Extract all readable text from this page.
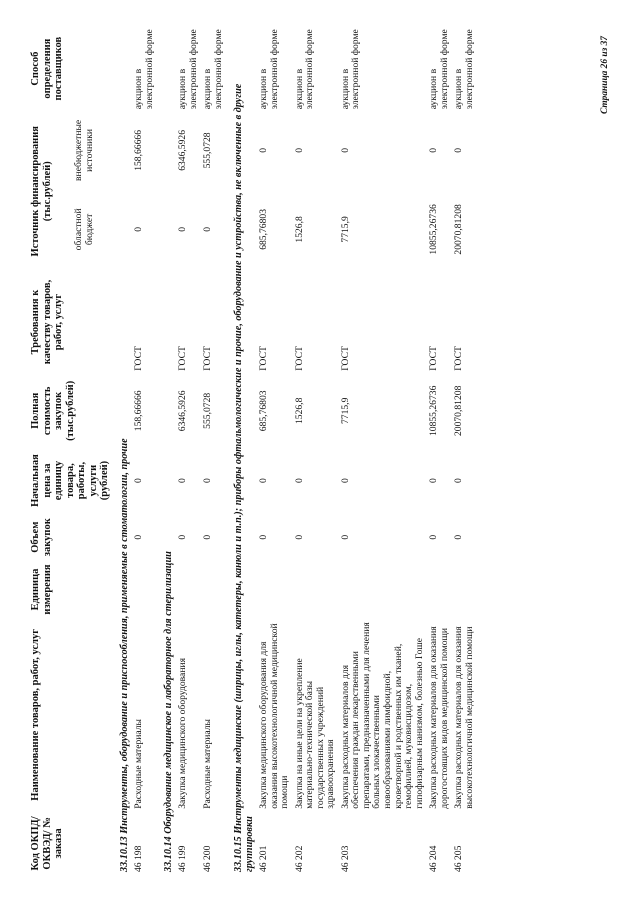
Код ОКПД/ ОКВЭД/ № заказа	Наименование товаров, работ, услуг	Единица измерения	Объем закупок	Начальная цена за единицу товара, работы, услуги (рублей)	Полная стоимость закупок (тыс.рублей)	Требования к качеству товаров, работ, услуг	Источник финансирования (тыс.рублей)		Способ определения поставщиков
							областной бюджет	внебюджетные источники	
33.10.13 Инструменты, оборудование и приспособления, применяемые в стоматологии, прочие									
46 198	Расходные материалы		0	0	158,66666	ГОСТ	0	158,66666	аукцион в электронной форме
33.10.14 Оборудование медицинское и лабораторное для стерилизации									
46 199	Закупка медицинского оборудования		0	0	6346,5926	ГОСТ	0	6346,5926	аукцион в электронной форме
46 200	Расходные материалы		0	0	555,0728	ГОСТ	0	555,0728	аукцион в электронной форме
33.10.15 Инструменты медицинские (шприцы, иглы, катетеры, канюли и т.п.); приборы офтальмологические и прочие, оборудование и устройства, не включенные в другие группировки									
46 201	Закупка медицинского оборудования для оказания высокотехнологичной медицинской помощи		0	0	685,76803	ГОСТ	685,76803	0	аукцион в электронной форме
46 202	Закупка на иные цели на укрепление материально-технической базы государственных учреждений здравоохранения		0	0	1526,8	ГОСТ	1526,8	0	аукцион в электронной форме
46 203	Закупка расходных материалов для обеспечения граждан лекарственными препаратами, предназначенными для лечения больных злокачественными новообразованиями лимфоидной, кроветворной и родственных им тканей, гемофилией, муковисцидозом, гипофизарным нанизмом, болезнью Гоше		0	0	7715,9	ГОСТ	7715,9	0	аукцион в электронной форме
46 204	Закупка расходных материалов для оказания дорогостоящих видов медицинской помощи		0	0	10855,26736	ГОСТ	10855,26736	0	аукцион в электронной форме
46 205	Закупка расходных материалов для оказания высокотехнологичной медицинской помощи		0	0	20070,81208	ГОСТ	20070,81208	0	аукцион в электронной форме	Страница 26 из 37
